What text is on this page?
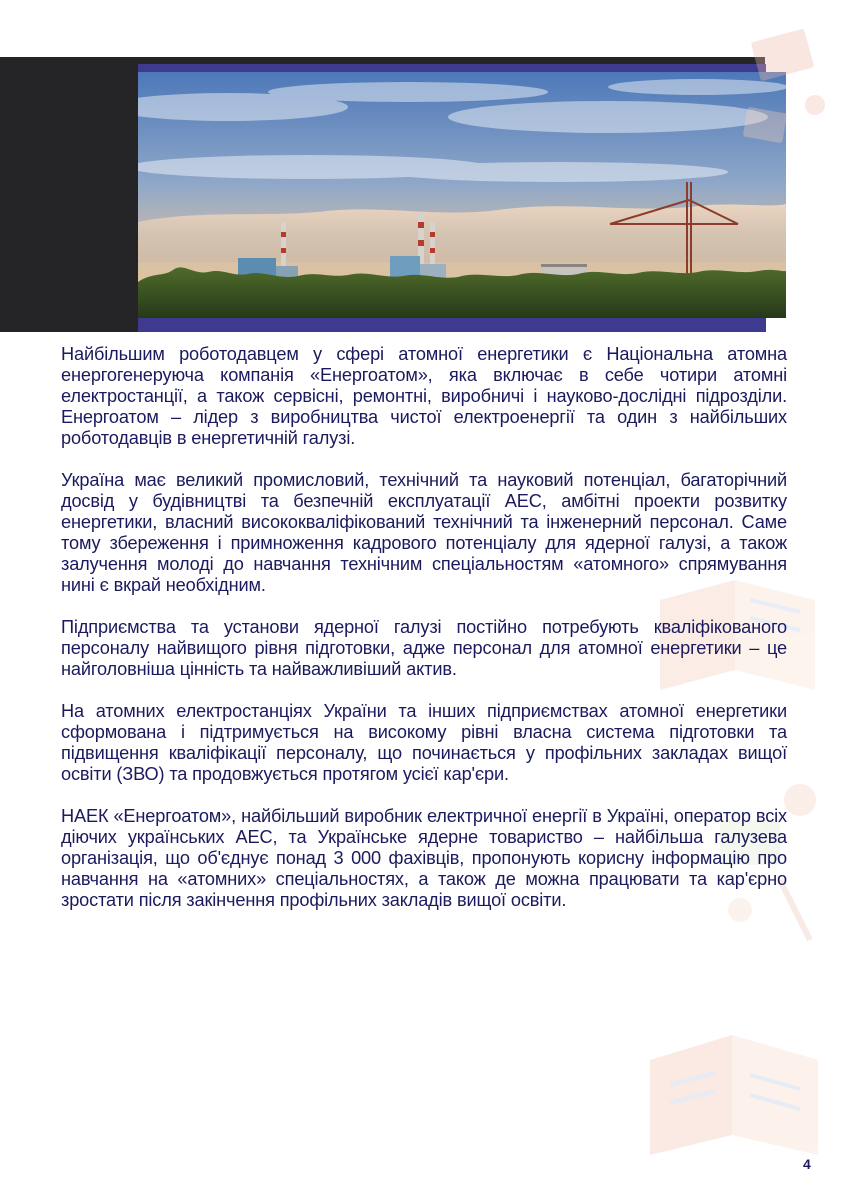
Найбільшим роботодавцем у сфері атомної енергетики є Національна атомна енергогенеруюча компанія «Енергоатом», яка включає в себе чотири атомні електростанції, а також сервісні, ремонтні, виробничі і науково-дослідні підрозділи. Енергоатом – лідер з виробництва чистої електроенергії та один з найбільших роботодавців в енергетичній галузі.

Україна має великий промисловий, технічний та науковий потенціал, багаторічний досвід у будівництві та безпечній експлуатації АЕС, амбітні проекти розвитку енергетики, власний висококваліфікований технічний та інженерний персонал. Саме тому збереження і примноження кадрового потенціалу для ядерної галузі, а також залучення молоді до навчання технічним спеціальностям «атомного» спрямування нині є вкрай необхідним.

Підприємства та установи ядерної галузі постійно потребують кваліфікованого персоналу найвищого рівня підготовки, адже персонал для атомної енергетики – це найголовніша цінність та найважливіший актив.

На атомних електростанціях України та інших підприємствах атомної енергетики сформована і підтримується на високому рівні власна система підготовки та підвищення кваліфікації персоналу, що починається у профільних закладах вищої освіти (ЗВО) та продовжується протягом усієї кар'єри.

НАЕК «Енергоатом», найбільший виробник електричної енергії в Україні, оператор всіх діючих українських АЕС, та Українське ядерне товариство – найбільша галузева організація, що об'єднує понад 3 000 фахівців, пропонують корисну інформацію про навчання на «атомних» спеціальностях, а також де можна працювати та кар'єрно зростати після закінчення профільних закладів вищої освіти.

4
